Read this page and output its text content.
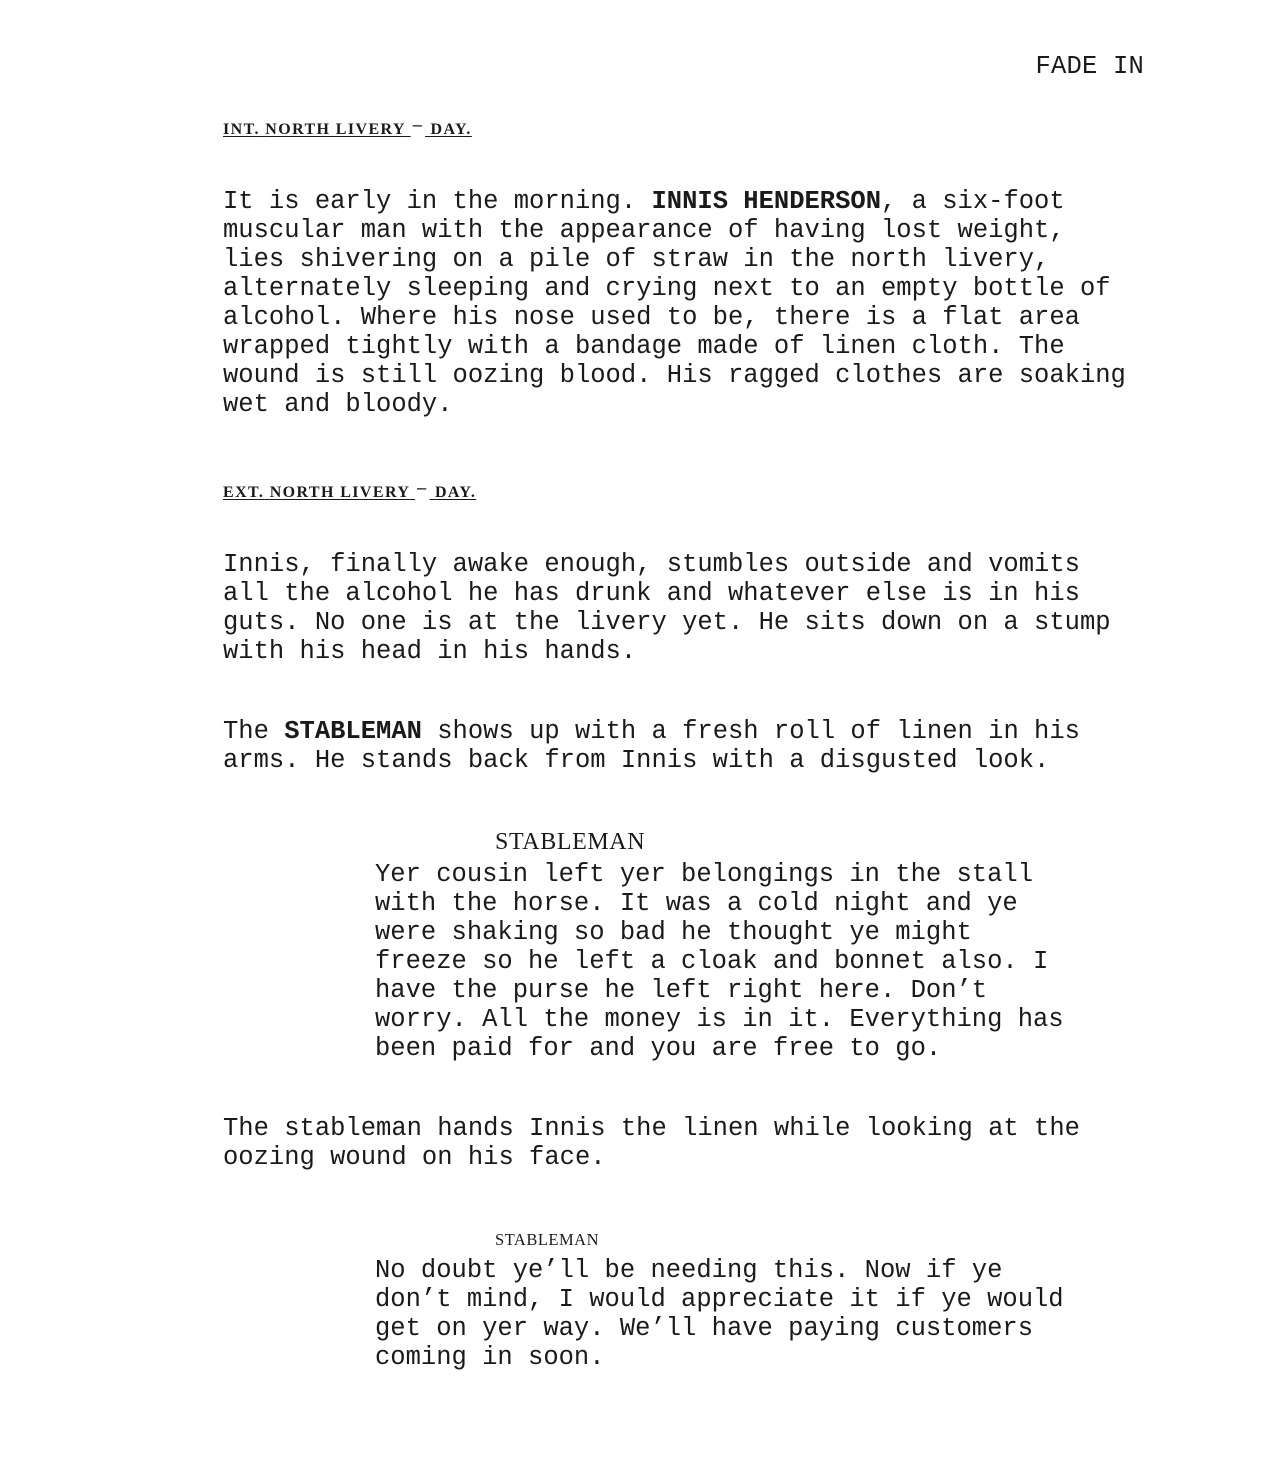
FADE IN
INT. NORTH LIVERY – DAY.
It is early in the morning. INNIS HENDERSON, a six-foot
muscular man with the appearance of having lost weight,
lies shivering on a pile of straw in the north livery,
alternately sleeping and crying next to an empty bottle of
alcohol. Where his nose used to be, there is a flat area
wrapped tightly with a bandage made of linen cloth. The
wound is still oozing blood. His ragged clothes are soaking
wet and bloody.
EXT. NORTH LIVERY – DAY.
Innis, finally awake enough, stumbles outside and vomits
all the alcohol he has drunk and whatever else is in his
guts. No one is at the livery yet. He sits down on a stump
with his head in his hands.
The STABLEMAN shows up with a fresh roll of linen in his
arms. He stands back from Innis with a disgusted look.
STABLEMAN
Yer cousin left yer belongings in the stall
with the horse. It was a cold night and ye
were shaking so bad he thought ye might
freeze so he left a cloak and bonnet also. I
have the purse he left right here. Don’t
worry. All the money is in it. Everything has
been paid for and you are free to go.
The stableman hands Innis the linen while looking at the
oozing wound on his face.
STABLEMAN
No doubt ye’ll be needing this. Now if ye
don’t mind, I would appreciate it if ye would
get on yer way. We’ll have paying customers
coming in soon.
